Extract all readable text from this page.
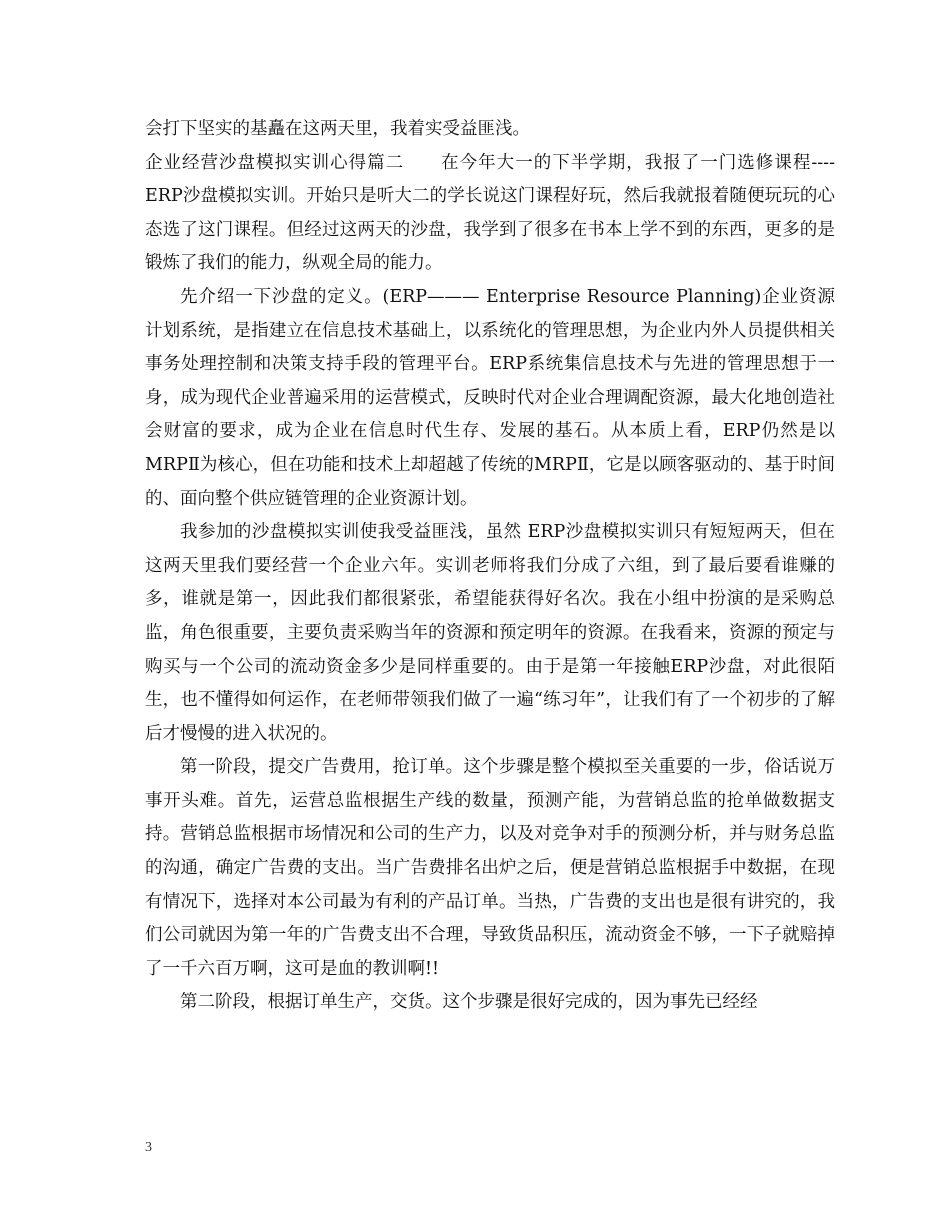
会打下坚实的基矗在这两天里，我着实受益匪浅。

企业经营沙盘模拟实训心得篇二　　在今年大一的下半学期，我报了一门选修课程----ERP沙盘模拟实训。开始只是听大二的学长说这门课程好玩，然后我就报着随便玩玩的心态选了这门课程。但经过这两天的沙盘，我学到了很多在书本上学不到的东西，更多的是锻炼了我们的能力，纵观全局的能力。

先介绍一下沙盘的定义。(ERP——— Enterprise Resource Planning)企业资源计划系统，是指建立在信息技术基础上，以系统化的管理思想，为企业内外人员提供相关事务处理控制和决策支持手段的管理平台。ERP系统集信息技术与先进的管理思想于一身，成为现代企业普遍采用的运营模式，反映时代对企业合理调配资源，最大化地创造社会财富的要求，成为企业在信息时代生存、发展的基石。从本质上看，ERP仍然是以MRPⅡ为核心，但在功能和技术上却超越了传统的MRPⅡ，它是以顾客驱动的、基于时间的、面向整个供应链管理的企业资源计划。

我参加的沙盘模拟实训使我受益匪浅，虽然 ERP沙盘模拟实训只有短短两天，但在这两天里我们要经营一个企业六年。实训老师将我们分成了六组，到了最后要看谁赚的多，谁就是第一，因此我们都很紧张，希望能获得好名次。我在小组中扮演的是采购总监，角色很重要，主要负责采购当年的资源和预定明年的资源。在我看来，资源的预定与购买与一个公司的流动资金多少是同样重要的。由于是第一年接触ERP沙盘，对此很陌生，也不懂得如何运作，在老师带领我们做了一遍“练习年”，让我们有了一个初步的了解后才慢慢的进入状况的。

第一阶段，提交广告费用，抢订单。这个步骤是整个模拟至关重要的一步，俗话说万事开头难。首先，运营总监根据生产线的数量，预测产能，为营销总监的抢单做数据支持。营销总监根据市场情况和公司的生产力，以及对竞争对手的预测分析，并与财务总监的沟通，确定广告费的支出。当广告费排名出炉之后，便是营销总监根据手中数据，在现有情况下，选择对本公司最为有利的产品订单。当热，广告费的支出也是很有讲究的，我们公司就因为第一年的广告费支出不合理，导致货品积压，流动资金不够，一下子就赔掉了一千六百万啊，这可是血的教训啊!!

第二阶段，根据订单生产，交货。这个步骤是很好完成的，因为事先已经经

3
